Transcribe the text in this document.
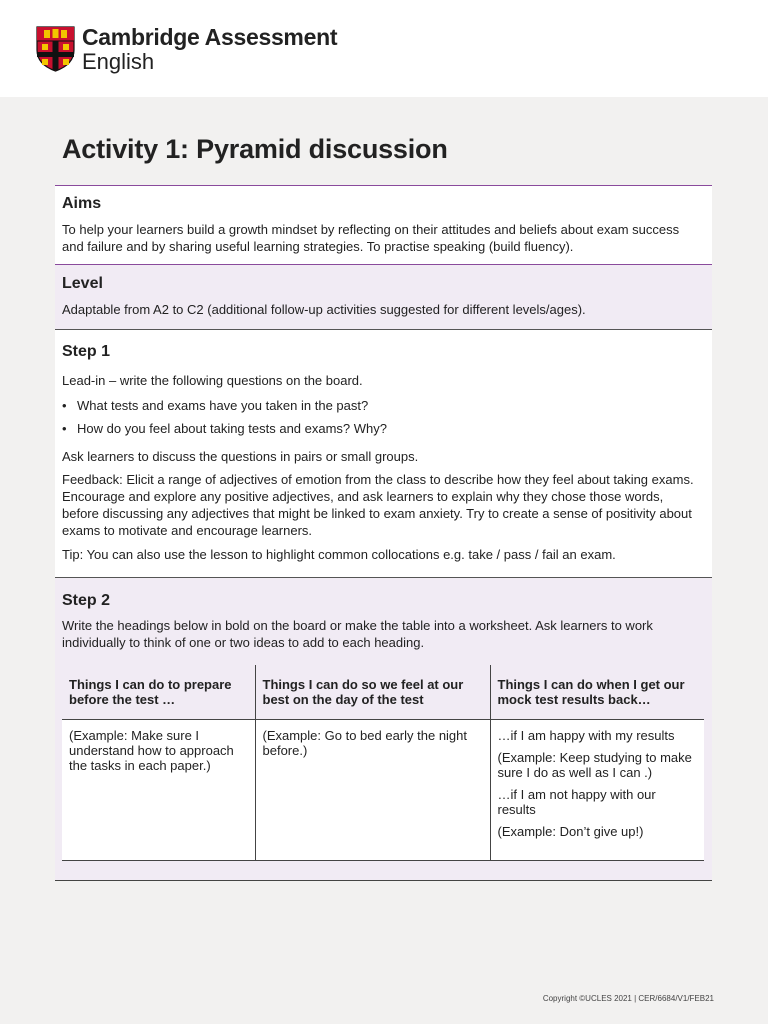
Cambridge Assessment
English
Activity 1: Pyramid discussion
Aims

To help your learners build a growth mindset by reflecting on their attitudes and beliefs about exam success and failure and by sharing useful learning strategies. To practise speaking (build fluency).

Level

Adaptable from A2 to C2 (additional follow-up activities suggested for different levels/ages).

Step 1

Lead-in – write the following questions on the board.

• What tests and exams have you taken in the past?
• How do you feel about taking tests and exams? Why?

Ask learners to discuss the questions in pairs or small groups.

Feedback: Elicit a range of adjectives of emotion from the class to describe how they feel about taking exams. Encourage and explore any positive adjectives, and ask learners to explain why they chose those words, before discussing any adjectives that might be linked to exam anxiety. Try to create a sense of positivity about exams to motivate and encourage learners.

Tip: You can also use the lesson to highlight common collocations e.g. take / pass / fail an exam.

Step 2

Write the headings below in bold on the board or make the table into a worksheet. Ask learners to work individually to think of one or two ideas to add to each heading.

Things I can do to prepare before the test …	Things I can do so we feel at our best on the day of the test	Things I can do when I get our mock test results back…

(Example: Make sure I understand how to approach the tasks in each paper.)	(Example: Go to bed early the night before.)	…if I am happy with my results

(Example: Keep studying to make sure I do as well as I can .)

…if I am not happy with our results

(Example: Don’t give up!)

Copyright ©UCLES 2021 | CER/6684/V1/FEB21
